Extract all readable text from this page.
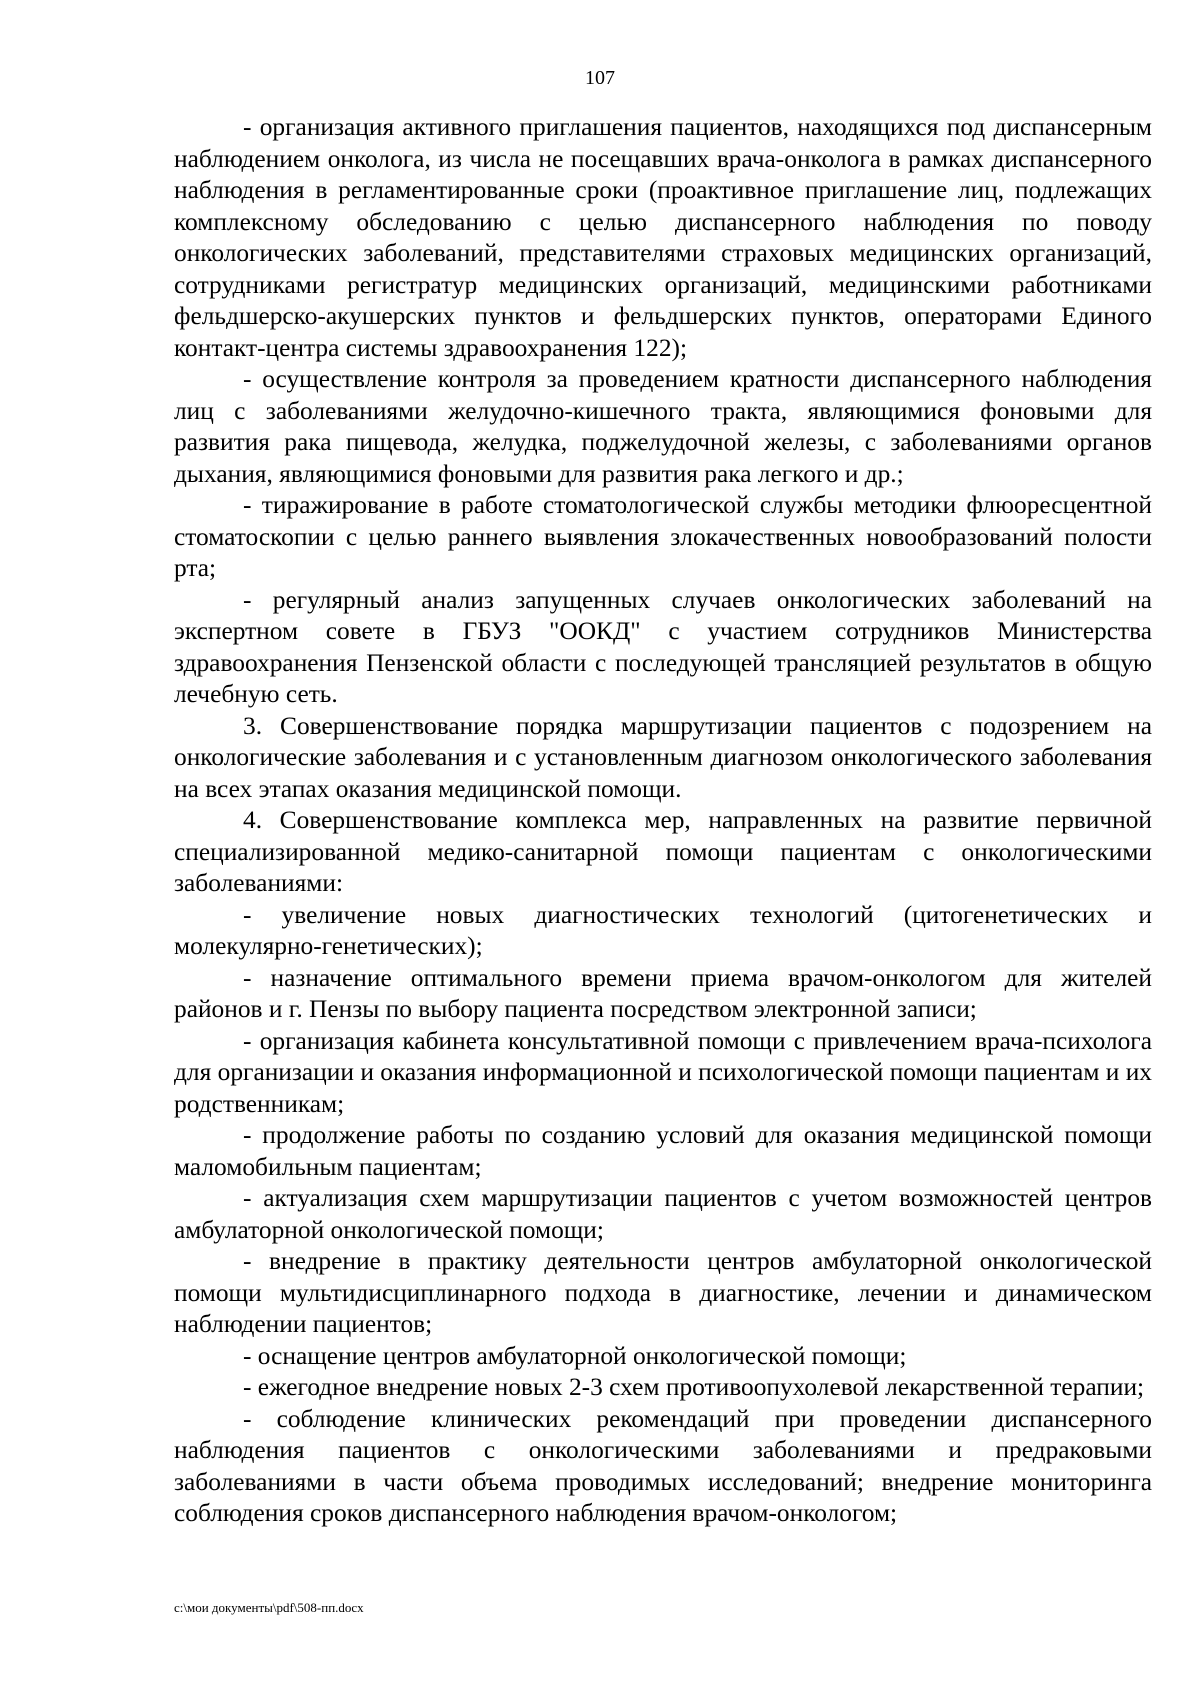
107

- организация активного приглашения пациентов, находящихся под диспансерным наблюдением онколога, из числа не посещавших врача-онколога в рамках диспансерного наблюдения в регламентированные сроки (проактивное приглашение лиц, подлежащих комплексному обследованию с целью диспансерного наблюдения по поводу онкологических заболеваний, представителями страховых медицинских организаций, сотрудниками регистратур медицинских организаций, медицинскими работниками фельдшерско-акушерских пунктов и фельдшерских пунктов, операторами Единого контакт-центра системы здравоохранения 122);

- осуществление контроля за проведением кратности диспансерного наблюдения лиц с заболеваниями желудочно-кишечного тракта, являющимися фоновыми для развития рака пищевода, желудка, поджелудочной железы, с заболеваниями органов дыхания, являющимися фоновыми для развития рака легкого и др.;

- тиражирование в работе стоматологической службы методики флюоресцентной стоматоскопии с целью раннего выявления злокачественных новообразований полости рта;

- регулярный анализ запущенных случаев онкологических заболеваний на экспертном совете в ГБУЗ "ООКД" с участием сотрудников Министерства здравоохранения Пензенской области с последующей трансляцией результатов в общую лечебную сеть.

3. Совершенствование порядка маршрутизации пациентов с подозрением на онкологические заболевания и с установленным диагнозом онкологического заболевания на всех этапах оказания медицинской помощи.

4. Совершенствование комплекса мер, направленных на развитие первичной специализированной медико-санитарной помощи пациентам с онкологическими заболеваниями:

- увеличение новых диагностических технологий (цитогенетических и молекулярно-генетических);

- назначение оптимального времени приема врачом-онкологом для жителей районов и г. Пензы по выбору пациента посредством электронной записи;

- организация кабинета консультативной помощи с привлечением врача-психолога для организации и оказания информационной и психологической помощи пациентам и их родственникам;

- продолжение работы по созданию условий для оказания медицинской помощи маломобильным пациентам;

- актуализация схем маршрутизации пациентов с учетом возможностей центров амбулаторной онкологической помощи;

- внедрение в практику деятельности центров амбулаторной онкологической помощи мультидисциплинарного подхода в диагностике, лечении и динамическом наблюдении пациентов;

- оснащение центров амбулаторной онкологической помощи;

- ежегодное внедрение новых 2-3 схем противоопухолевой лекарственной терапии;

- соблюдение клинических рекомендаций при проведении диспансерного наблюдения пациентов с онкологическими заболеваниями и предраковыми заболеваниями в части объема проводимых исследований; внедрение мониторинга соблюдения сроков диспансерного наблюдения врачом-онкологом;

c:\мои документы\pdf\508-пп.docx
